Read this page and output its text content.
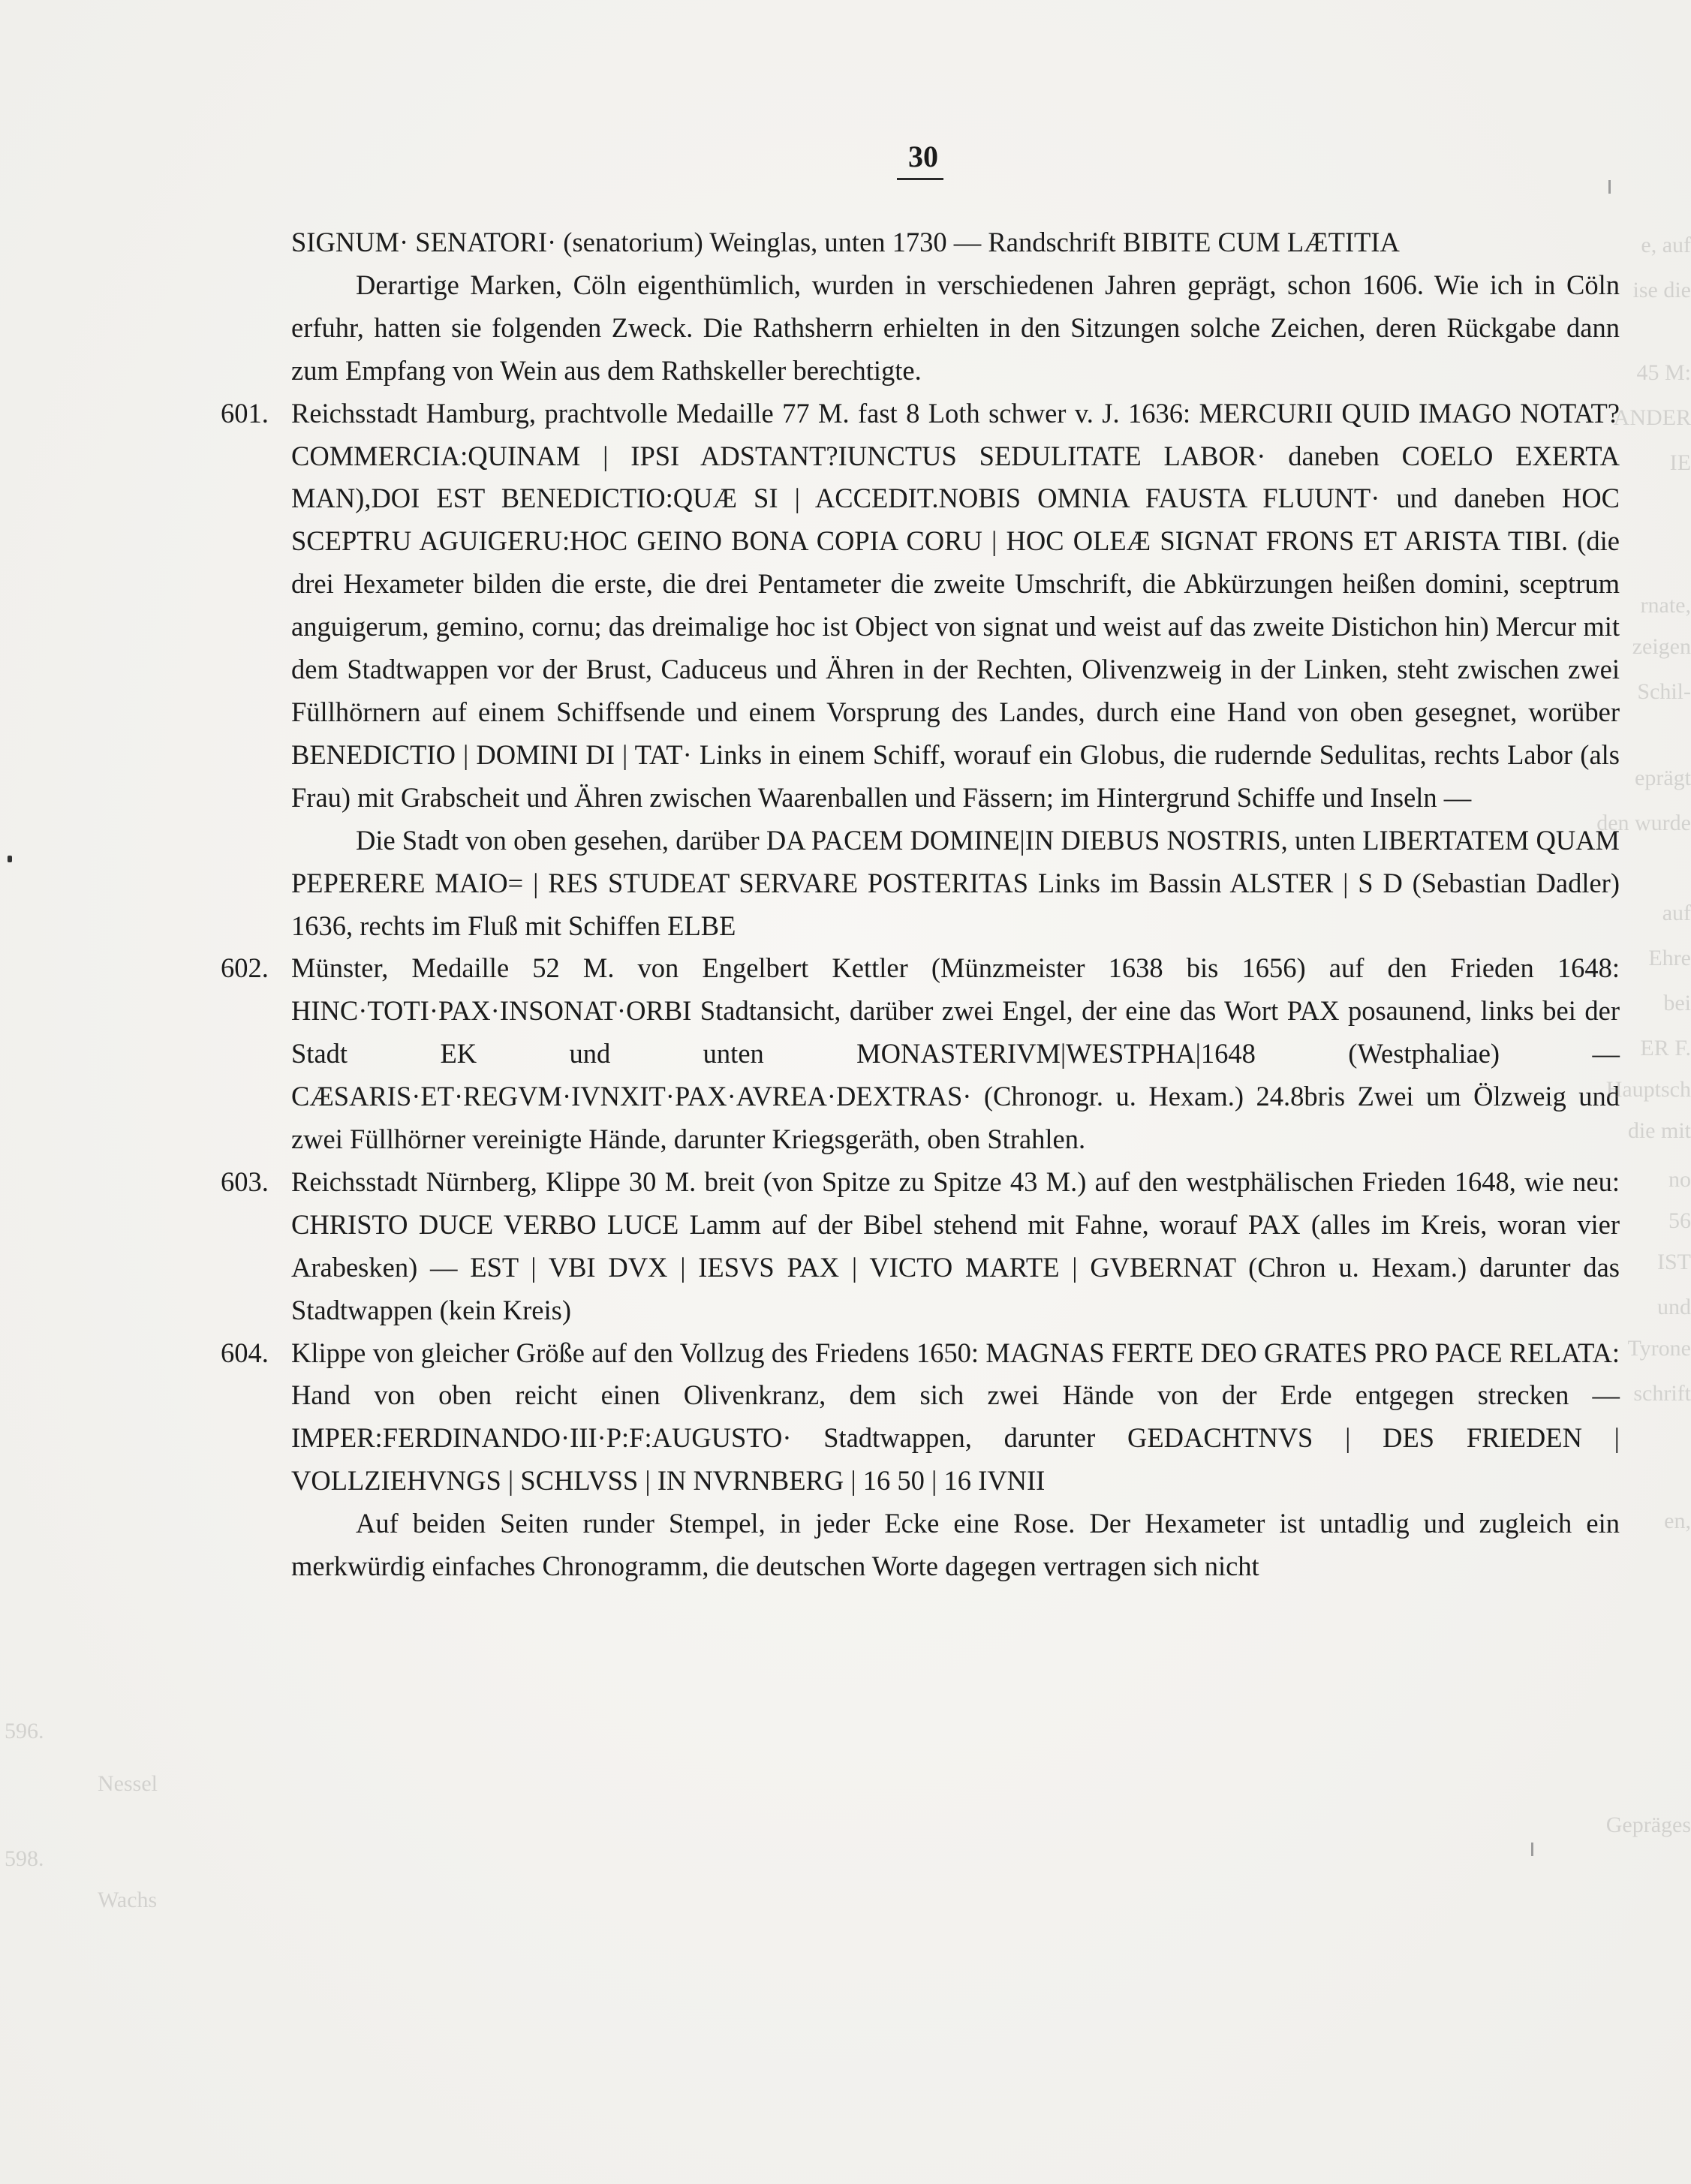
30

SIGNUM· SENATORI· (senatorium) Weinglas, unten 1730 — Randschrift BIBITE CUM LÆTITIA

Derartige Marken, Cöln eigenthümlich, wurden in verschiedenen Jahren geprägt, schon 1606. Wie ich in Cöln erfuhr, hatten sie folgenden Zweck. Die Rathsherrn erhielten in den Sitzungen solche Zeichen, deren Rückgabe dann zum Empfang von Wein aus dem Rathskeller berechtigte.

601. Reichsstadt Hamburg, prachtvolle Medaille 77 M. fast 8 Loth schwer v. J. 1636: MERCURII QUID IMAGO NOTAT?COMMERCIA:QUINAM | IPSI ADSTANT?IUNCTUS SEDULITATE LABOR· daneben COELO EXERTA MAN),DOI EST BENEDICTIO:QUÆ SI | ACCEDIT.NOBIS OMNIA FAUSTA FLUUNT· und daneben HOC SCEPTRU AGUIGERU:HOC GEINO BONA COPIA CORU | HOC OLEÆ SIGNAT FRONS ET ARISTA TIBI. (die drei Hexameter bilden die erste, die drei Pentameter die zweite Umschrift, die Abkürzungen heißen domini, sceptrum anguigerum, gemino, cornu; das dreimalige hoc ist Object von signat und weist auf das zweite Distichon hin) Mercur mit dem Stadtwappen vor der Brust, Caduceus und Ähren in der Rechten, Olivenzweig in der Linken, steht zwischen zwei Füllhörnern auf einem Schiffsende und einem Vorsprung des Landes, durch eine Hand von oben gesegnet, worüber BENEDICTIO | DOMINI DI | TAT· Links in einem Schiff, worauf ein Globus, die rudernde Sedulitas, rechts Labor (als Frau) mit Grabscheit und Ähren zwischen Waarenballen und Fässern; im Hintergrund Schiffe und Inseln —

Die Stadt von oben gesehen, darüber DA PACEM DOMINE|IN DIEBUS NOSTRIS, unten LIBERTATEM QUAM PEPERERE MAIO= | RES STUDEAT SERVARE POSTERITAS Links im Bassin ALSTER | S D (Sebastian Dadler) 1636, rechts im Fluß mit Schiffen ELBE

602. Münster, Medaille 52 M. von Engelbert Kettler (Münzmeister 1638 bis 1656) auf den Frieden 1648: HINC·TOTI·PAX·INSONAT·ORBI Stadtansicht, darüber zwei Engel, der eine das Wort PAX posaunend, links bei der Stadt EK und unten MONASTERIVM|WESTPHA|1648 (Westphaliae) — CÆSARIS·ET·REGVM·IVNXIT·PAX·AVREA·DEXTRAS· (Chronogr. u. Hexam.) 24.8bris Zwei um Ölzweig und zwei Füllhörner vereinigte Hände, darunter Kriegsgeräth, oben Strahlen.

603. Reichsstadt Nürnberg, Klippe 30 M. breit (von Spitze zu Spitze 43 M.) auf den westphälischen Frieden 1648, wie neu: CHRISTO DUCE VERBO LUCE Lamm auf der Bibel stehend mit Fahne, worauf PAX (alles im Kreis, woran vier Arabesken) — EST | VBI DVX | IESVS PAX | VICTO MARTE | GVBERNAT (Chron u. Hexam.) darunter das Stadtwappen (kein Kreis)

604. Klippe von gleicher Größe auf den Vollzug des Friedens 1650: MAGNAS FERTE DEO GRATES PRO PACE RELATA: Hand von oben reicht einen Olivenkranz, dem sich zwei Hände von der Erde entgegen strecken — IMPER:FERDINANDO·III·P:F:AUGUSTO· Stadtwappen, darunter GEDACHTNVS | DES FRIEDEN | VOLLZIEHVNGS | SCHLVSS | IN NVRNBERG | 16 50 | 16 IVNII

Auf beiden Seiten runder Stempel, in jeder Ecke eine Rose. Der Hexameter ist untadlig und zugleich ein merkwürdig einfaches Chronogramm, die deutschen Worte dagegen vertragen sich nicht

e, auf
ise die
45 M:
ANDER
IE
rnate,
zeigen
Schil-
eprägt
den wurde
auf
Ehre
bei
ER F.
Hauptsch
die mit
no
56
IST
und
Tyrone
schrift
en,
Gepräges
596.
598.
Nessel
Wachs
